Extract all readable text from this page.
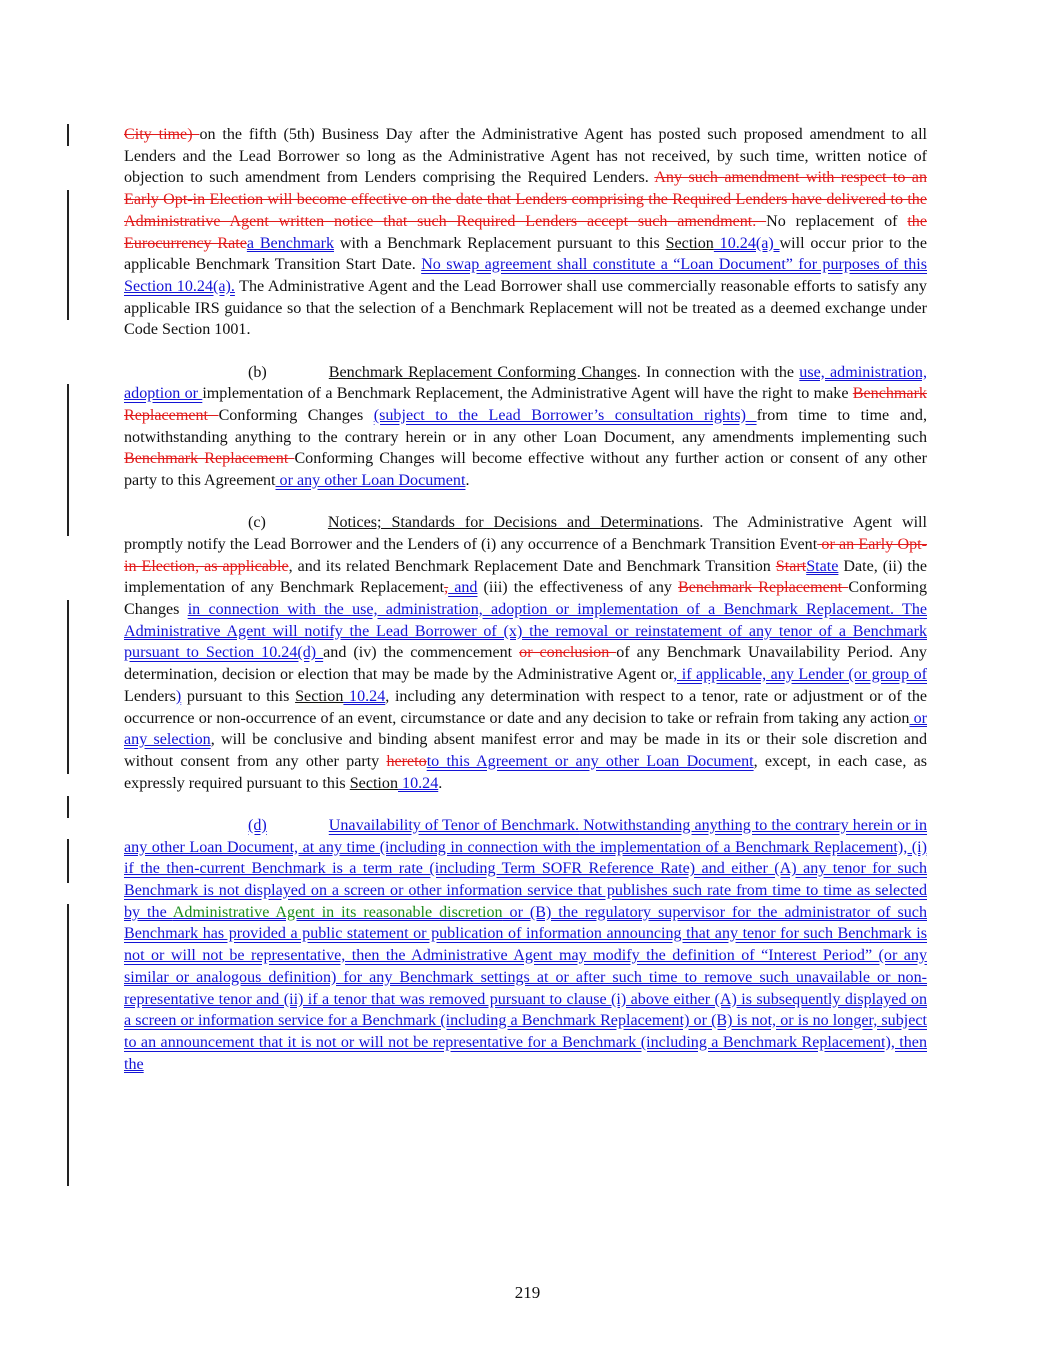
City time) on the fifth (5th) Business Day after the Administrative Agent has posted such proposed amendment to all Lenders and the Lead Borrower so long as the Administrative Agent has not received, by such time, written notice of objection to such amendment from Lenders comprising the Required Lenders. Any such amendment with respect to an Early Opt-in Election will become effective on the date that Lenders comprising the Required Lenders have delivered to the Administrative Agent written notice that such Required Lenders accept such amendment. No replacement of the Eurocurrency Ratea Benchmark with a Benchmark Replacement pursuant to this Section 10.24(a) will occur prior to the applicable Benchmark Transition Start Date. No swap agreement shall constitute a “Loan Document” for purposes of this Section 10.24(a). The Administrative Agent and the Lead Borrower shall use commercially reasonable efforts to satisfy any applicable IRS guidance so that the selection of a Benchmark Replacement will not be treated as a deemed exchange under Code Section 1001.

(b)	Benchmark Replacement Conforming Changes. In connection with the use, administration, adoption or implementation of a Benchmark Replacement, the Administrative Agent will have the right to make Benchmark Replacement Conforming Changes (subject to the Lead Borrower’s consultation rights) from time to time and, notwithstanding anything to the contrary herein or in any other Loan Document, any amendments implementing such Benchmark Replacement Conforming Changes will become effective without any further action or consent of any other party to this Agreement or any other Loan Document.

(c)	Notices; Standards for Decisions and Determinations. The Administrative Agent will promptly notify the Lead Borrower and the Lenders of (i) any occurrence of a Benchmark Transition Event or an Early Opt-in Election, as applicable, and its related Benchmark Replacement Date and Benchmark Transition StartState Date, (ii) the implementation of any Benchmark Replacement, and (iii) the effectiveness of any Benchmark Replacement Conforming Changes in connection with the use, administration, adoption or implementation of a Benchmark Replacement. The Administrative Agent will notify the Lead Borrower of (x) the removal or reinstatement of any tenor of a Benchmark pursuant to Section 10.24(d) and (iv) the commencement or conclusion of any Benchmark Unavailability Period. Any determination, decision or election that may be made by the Administrative Agent or, if applicable, any Lender (or group of Lenders) pursuant to this Section 10.24, including any determination with respect to a tenor, rate or adjustment or of the occurrence or non-occurrence of an event, circumstance or date and any decision to take or refrain from taking any action or any selection, will be conclusive and binding absent manifest error and may be made in its or their sole discretion and without consent from any other party heretoto this Agreement or any other Loan Document, except, in each case, as expressly required pursuant to this Section 10.24.

(d)	Unavailability of Tenor of Benchmark. Notwithstanding anything to the contrary herein or in any other Loan Document, at any time (including in connection with the implementation of a Benchmark Replacement), (i) if the then-current Benchmark is a term rate (including Term SOFR Reference Rate) and either (A) any tenor for such Benchmark is not displayed on a screen or other information service that publishes such rate from time to time as selected by the Administrative Agent in its reasonable discretion or (B) the regulatory supervisor for the administrator of such Benchmark has provided a public statement or publication of information announcing that any tenor for such Benchmark is not or will not be representative, then the Administrative Agent may modify the definition of “Interest Period” (or any similar or analogous definition) for any Benchmark settings at or after such time to remove such unavailable or non-representative tenor and (ii) if a tenor that was removed pursuant to clause (i) above either (A) is subsequently displayed on a screen or information service for a Benchmark (including a Benchmark Replacement) or (B) is not, or is no longer, subject to an announcement that it is not or will not be representative for a Benchmark (including a Benchmark Replacement), then the

219
